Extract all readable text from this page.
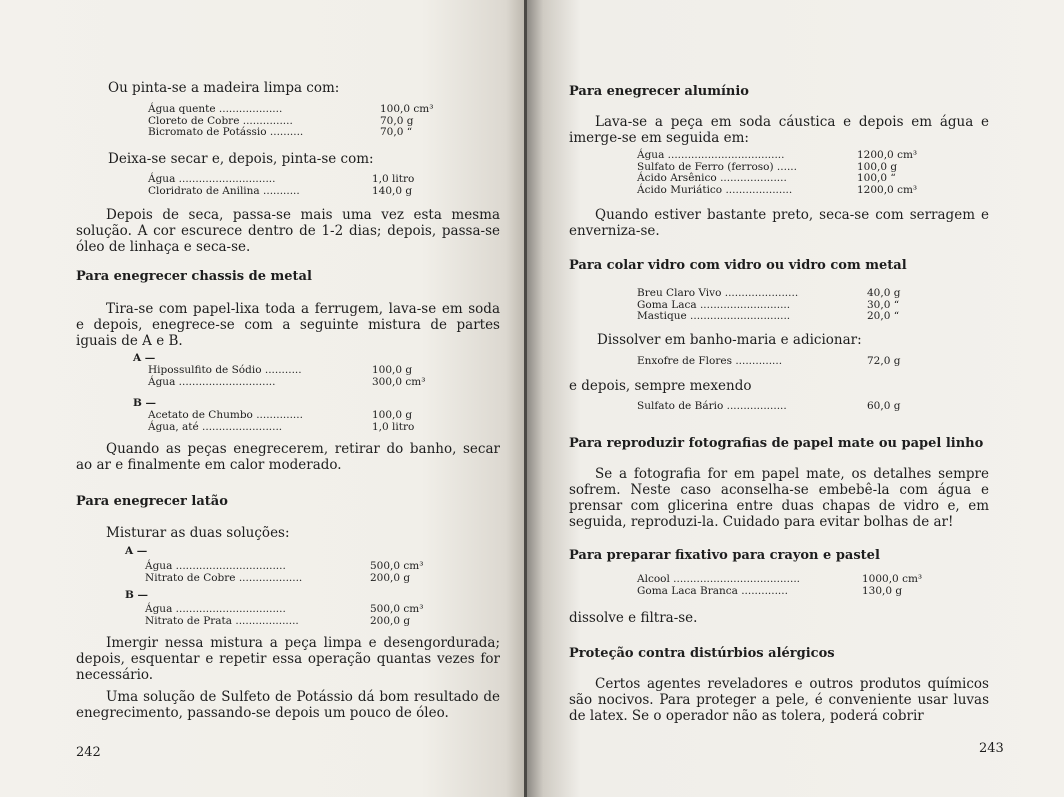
Ou pinta-se a madeira limpa com:
Água quente ...................	100,0 cm³
Cloreto de Cobre ...............	70,0 g
Bicromato de Potássio ..........	70,0 “
Deixa-se secar e, depois, pinta-se com:
Água .............................	1,0 litro
Cloridrato de Anilina ...........	140,0 g
Depois de seca, passa-se mais uma vez esta mesma solução. A cor escurece dentro de 1-2 dias; depois, passa-se óleo de linhaça e seca-se.
Para enegrecer chassis de metal
Tira-se com papel-lixa toda a ferrugem, lava-se em soda e depois, enegrece-se com a seguinte mistura de partes iguais de A e B.
A —
Hipossulfito de Sódio ...........	100,0 g
Água .............................	300,0 cm³
B —
Acetato de Chumbo ..............	100,0 g
Água, até ........................	1,0 litro
Quando as peças enegrecerem, retirar do banho, secar ao ar e finalmente em calor moderado.
Para enegrecer latão
Misturar as duas soluções:
A —
Água .................................	500,0 cm³
Nitrato de Cobre ...................	200,0 g
B —
Água .................................	500,0 cm³
Nitrato de Prata ...................	200,0 g
Imergir nessa mistura a peça limpa e desengordurada; depois, esquentar e repetir essa operação quantas vezes for necessário.
Uma solução de Sulfeto de Potássio dá bom resultado de enegrecimento, passando-se depois um pouco de óleo.
242
Para enegrecer alumínio
Lava-se a peça em soda cáustica e depois em água e imerge-se em seguida em:
Água ...................................	1200,0 cm³
Sulfato de Ferro (ferroso) ......	100,0 g
Ácido Arsênico ....................	100,0 “
Ácido Muriático ....................	1200,0 cm³
Quando estiver bastante preto, seca-se com serragem e enverniza-se.
Para colar vidro com vidro ou vidro com metal
Breu Claro Vivo ......................	40,0 g
Goma Laca ...........................	30,0 “
Mastique ..............................	20,0 “
Dissolver em banho-maria e adicionar:
Enxofre de Flores ..............	72,0 g
e depois, sempre mexendo
Sulfato de Bário ..................	60,0 g
Para reproduzir fotografias de papel mate ou papel linho
Se a fotografia for em papel mate, os detalhes sempre sofrem. Neste caso aconselha-se embebê-la com água e prensar com glicerina entre duas chapas de vidro e, em seguida, reproduzi-la. Cuidado para evitar bolhas de ar!
Para preparar fixativo para crayon e pastel
Alcool ......................................	1000,0 cm³
Goma Laca Branca ..............	130,0 g
dissolve e filtra-se.
Proteção contra distúrbios alérgicos
Certos agentes reveladores e outros produtos químicos são nocivos. Para proteger a pele, é conveniente usar luvas de latex. Se o operador não as tolera, poderá cobrir
243
